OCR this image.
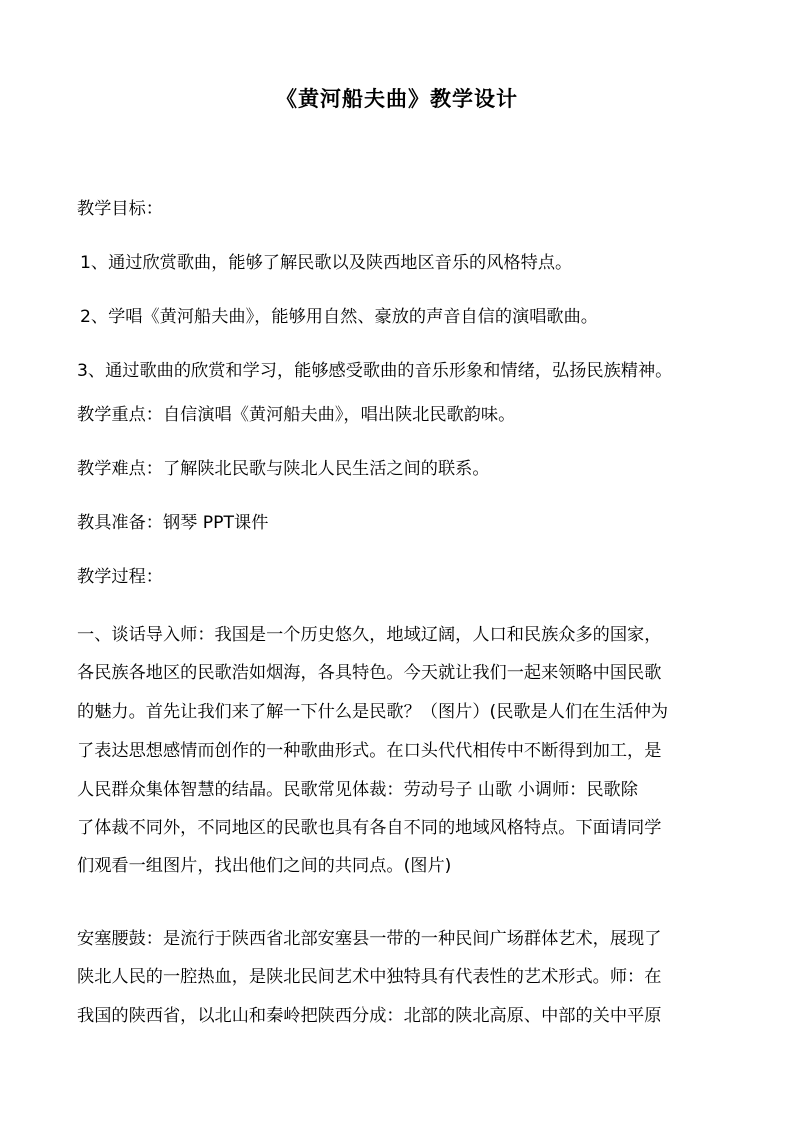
《黄河船夫曲》教学设计
教学目标：
1、通过欣赏歌曲，能够了解民歌以及陕西地区音乐的风格特点。
2、学唱《黄河船夫曲》，能够用自然、豪放的声音自信的演唱歌曲。
3、通过歌曲的欣赏和学习，能够感受歌曲的音乐形象和情绪，弘扬民族精神。
教学重点：自信演唱《黄河船夫曲》，唱出陕北民歌韵味。
教学难点：了解陕北民歌与陕北人民生活之间的联系。
教具准备：钢琴 PPT课件
教学过程：
一、谈话导入师：我国是一个历史悠久，地域辽阔，人口和民族众多的国家，
各民族各地区的民歌浩如烟海，各具特色。今天就让我们一起来领略中国民歌
的魅力。首先让我们来了解一下什么是民歌？（图片）(民歌是人们在生活仲为
了表达思想感情而创作的一种歌曲形式。在口头代代相传中不断得到加工，是
人民群众集体智慧的结晶。民歌常见体裁：劳动号子 山歌 小调师：民歌除
了体裁不同外，不同地区的民歌也具有各自不同的地域风格特点。下面请同学
们观看一组图片，找出他们之间的共同点。(图片)
安塞腰鼓：是流行于陕西省北部安塞县一带的一种民间广场群体艺术，展现了
陕北人民的一腔热血，是陕北民间艺术中独特具有代表性的艺术形式。师：在
我国的陕西省，以北山和秦岭把陕西分成：北部的陕北高原、中部的关中平原
